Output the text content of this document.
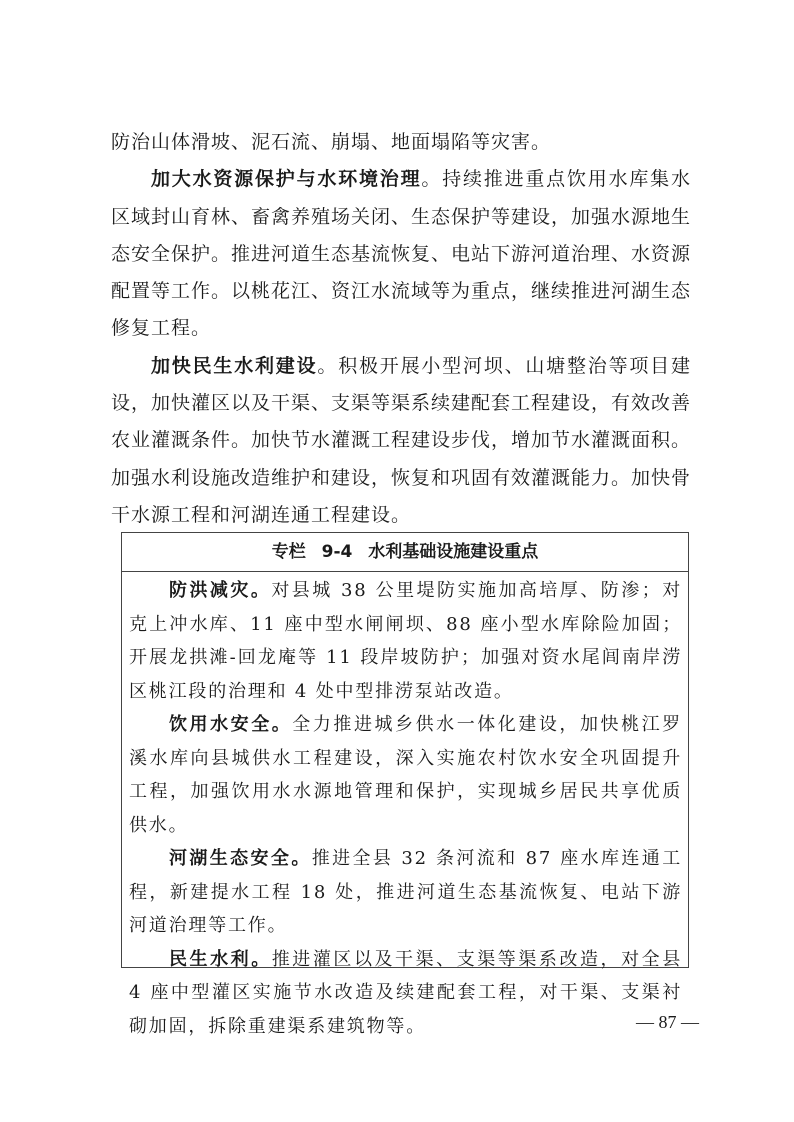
防治山体滑坡、泥石流、崩塌、地面塌陷等灾害。

加大水资源保护与水环境治理。持续推进重点饮用水库集水区域封山育林、畜禽养殖场关闭、生态保护等建设，加强水源地生态安全保护。推进河道生态基流恢复、电站下游河道治理、水资源配置等工作。以桃花江、资江水流域等为重点，继续推进河湖生态修复工程。

加快民生水利建设。积极开展小型河坝、山塘整治等项目建设，加快灌区以及干渠、支渠等渠系续建配套工程建设，有效改善农业灌溉条件。加快节水灌溉工程建设步伐，增加节水灌溉面积。加强水利设施改造维护和建设，恢复和巩固有效灌溉能力。加快骨干水源工程和河湖连通工程建设。

专栏 9-4 水利基础设施建设重点

防洪减灾。对县城 38 公里堤防实施加高培厚、防渗；对克上冲水库、11 座中型水闸闸坝、88 座小型水库除险加固；开展龙拱滩-回龙庵等 11 段岸坡防护；加强对资水尾闾南岸涝区桃江段的治理和 4 处中型排涝泵站改造。

饮用水安全。全力推进城乡供水一体化建设，加快桃江罗溪水库向县城供水工程建设，深入实施农村饮水安全巩固提升工程，加强饮用水水源地管理和保护，实现城乡居民共享优质供水。

河湖生态安全。推进全县 32 条河流和 87 座水库连通工程，新建提水工程 18 处，推进河道生态基流恢复、电站下游河道治理等工作。

民生水利。推进灌区以及干渠、支渠等渠系改造，对全县 4 座中型灌区实施节水改造及续建配套工程，对干渠、支渠衬砌加固，拆除重建渠系建筑物等。	— 87 —
